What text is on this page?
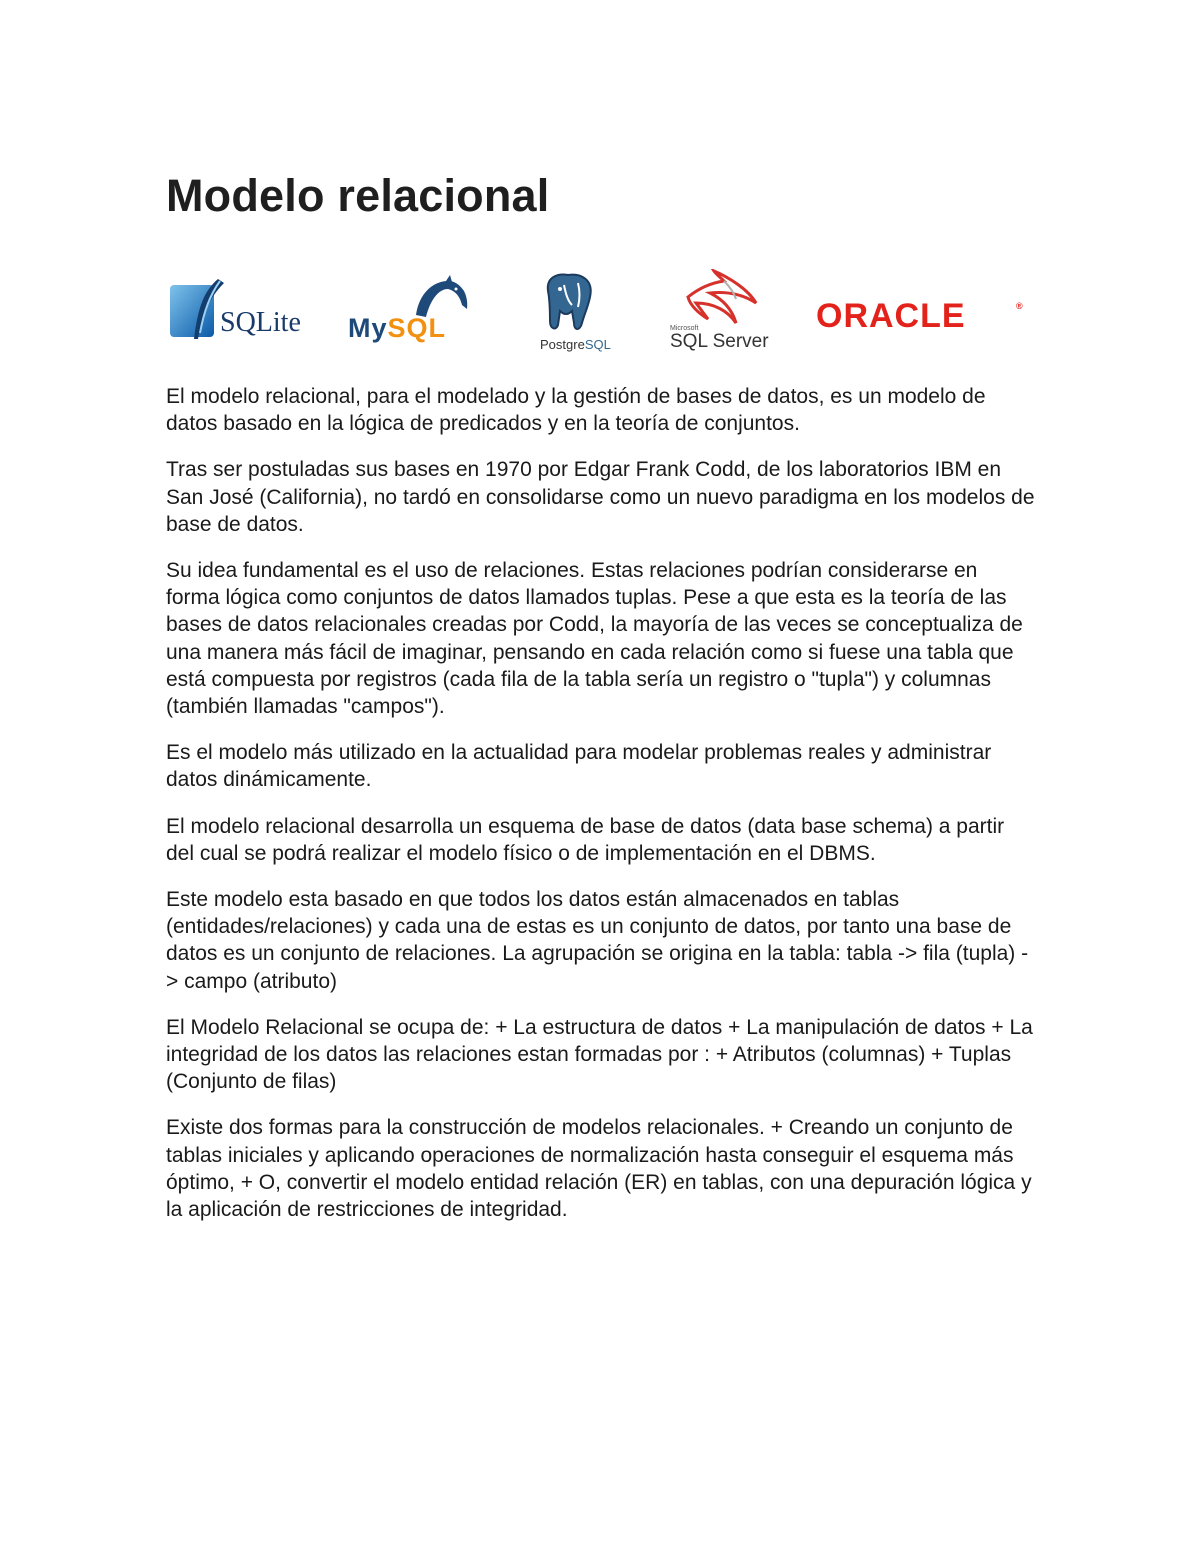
Modelo relacional
SQLite MySQL
PostgreSQL
Microsoft
SQL Server
ORACLE	®

El modelo relacional, para el modelado y la gestión de bases de datos, es un modelo de datos basado en la lógica de predicados y en la teoría de conjuntos.

Tras ser postuladas sus bases en 1970 por Edgar Frank Codd, de los laboratorios IBM en San José (California), no tardó en consolidarse como un nuevo paradigma en los modelos de base de datos.

Su idea fundamental es el uso de relaciones. Estas relaciones podrían considerarse en forma lógica como conjuntos de datos llamados tuplas. Pese a que esta es la teoría de las bases de datos relacionales creadas por Codd, la mayoría de las veces se conceptualiza de una manera más fácil de imaginar, pensando en cada relación como si fuese una tabla que está compuesta por registros (cada fila de la tabla sería un registro o "tupla") y columnas (también llamadas "campos").

Es el modelo más utilizado en la actualidad para modelar problemas reales y administrar datos dinámicamente.

El modelo relacional desarrolla un esquema de base de datos (data base schema) a partir del cual se podrá realizar el modelo físico o de implementación en el DBMS.

Este modelo esta basado en que todos los datos están almacenados en tablas (entidades/relaciones) y cada una de estas es un conjunto de datos, por tanto una base de datos es un conjunto de relaciones. La agrupación se origina en la tabla: tabla -> fila (tupla) -> campo (atributo)

El Modelo Relacional se ocupa de: + La estructura de datos + La manipulación de datos + La integridad de los datos las relaciones estan formadas por : + Atributos (columnas) + Tuplas (Conjunto de filas)

Existe dos formas para la construcción de modelos relacionales. + Creando un conjunto de tablas iniciales y aplicando operaciones de normalización hasta conseguir el esquema más óptimo, + O, convertir el modelo entidad relación (ER) en tablas, con una depuración lógica y la aplicación de restricciones de integridad.
